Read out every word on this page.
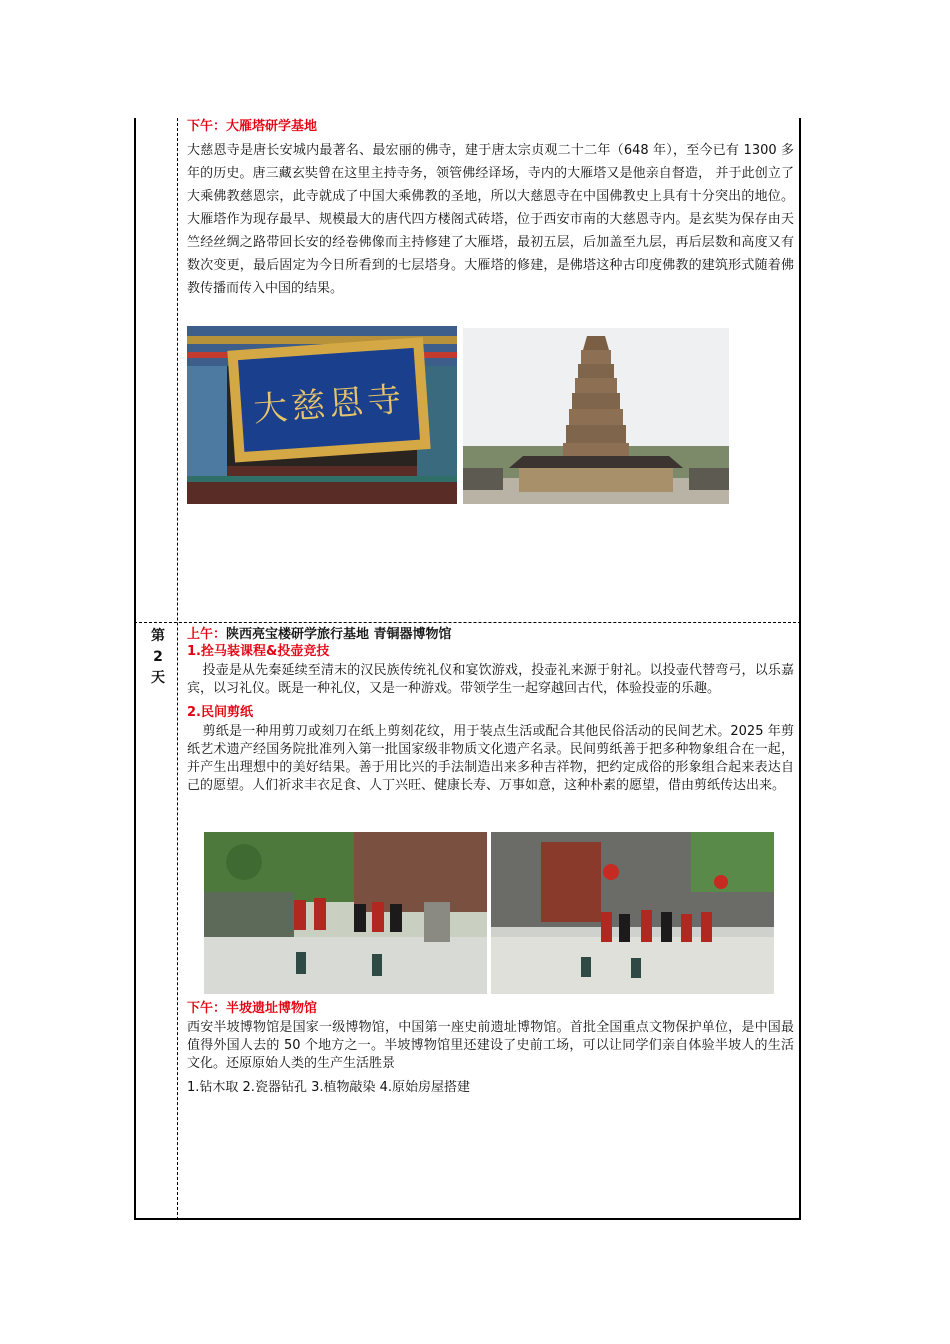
第
2
天
下午：大雁塔研学基地
大慈恩寺是唐长安城内最著名、最宏丽的佛寺，建于唐太宗贞观二十二年（648 年），至今已有 1300 多年的历史。唐三藏玄奘曾在这里主持寺务，领管佛经译场，寺内的大雁塔又是他亲自督造， 并于此创立了大乘佛教慈恩宗，此寺就成了中国大乘佛教的圣地，所以大慈恩寺在中国佛教史上具有十分突出的地位。大雁塔作为现存最早、规模最大的唐代四方楼阁式砖塔，位于西安市南的大慈恩寺内。是玄奘为保存由天竺经丝绸之路带回长安的经卷佛像而主持修建了大雁塔，最初五层，后加盖至九层，再后层数和高度又有数次变更，最后固定为今日所看到的七层塔身。大雁塔的修建，是佛塔这种古印度佛教的建筑形式随着佛教传播而传入中国的结果。
大慈恩寺
上午：陕西亮宝楼研学旅行基地 青铜器博物馆
1.拴马装课程&投壶竞技
投壶是从先秦延续至清末的汉民族传统礼仪和宴饮游戏，投壶礼来源于射礼。以投壶代替弯弓，以乐嘉宾，以习礼仪。既是一种礼仪，又是一种游戏。带领学生一起穿越回古代，体验投壶的乐趣。
2.民间剪纸
剪纸是一种用剪刀或刻刀在纸上剪刻花纹，用于装点生活或配合其他民俗活动的民间艺术。2025 年剪纸艺术遗产经国务院批准列入第一批国家级非物质文化遗产名录。民间剪纸善于把多种物象组合在一起，并产生出理想中的美好结果。善于用比兴的手法制造出来多种吉祥物，把约定成俗的形象组合起来表达自己的愿望。人们祈求丰衣足食、人丁兴旺、健康长寿、万事如意，这种朴素的愿望，借由剪纸传达出来。
下午：半坡遗址博物馆
西安半坡博物馆是国家一级博物馆，中国第一座史前遗址博物馆。首批全国重点文物保护单位，是中国最值得外国人去的 50 个地方之一。半坡博物馆里还建设了史前工场，可以让同学们亲自体验半坡人的生活文化。还原原始人类的生产生活胜景
1.钻木取 2.瓷器钻孔 3.植物敲染 4.原始房屋搭建
